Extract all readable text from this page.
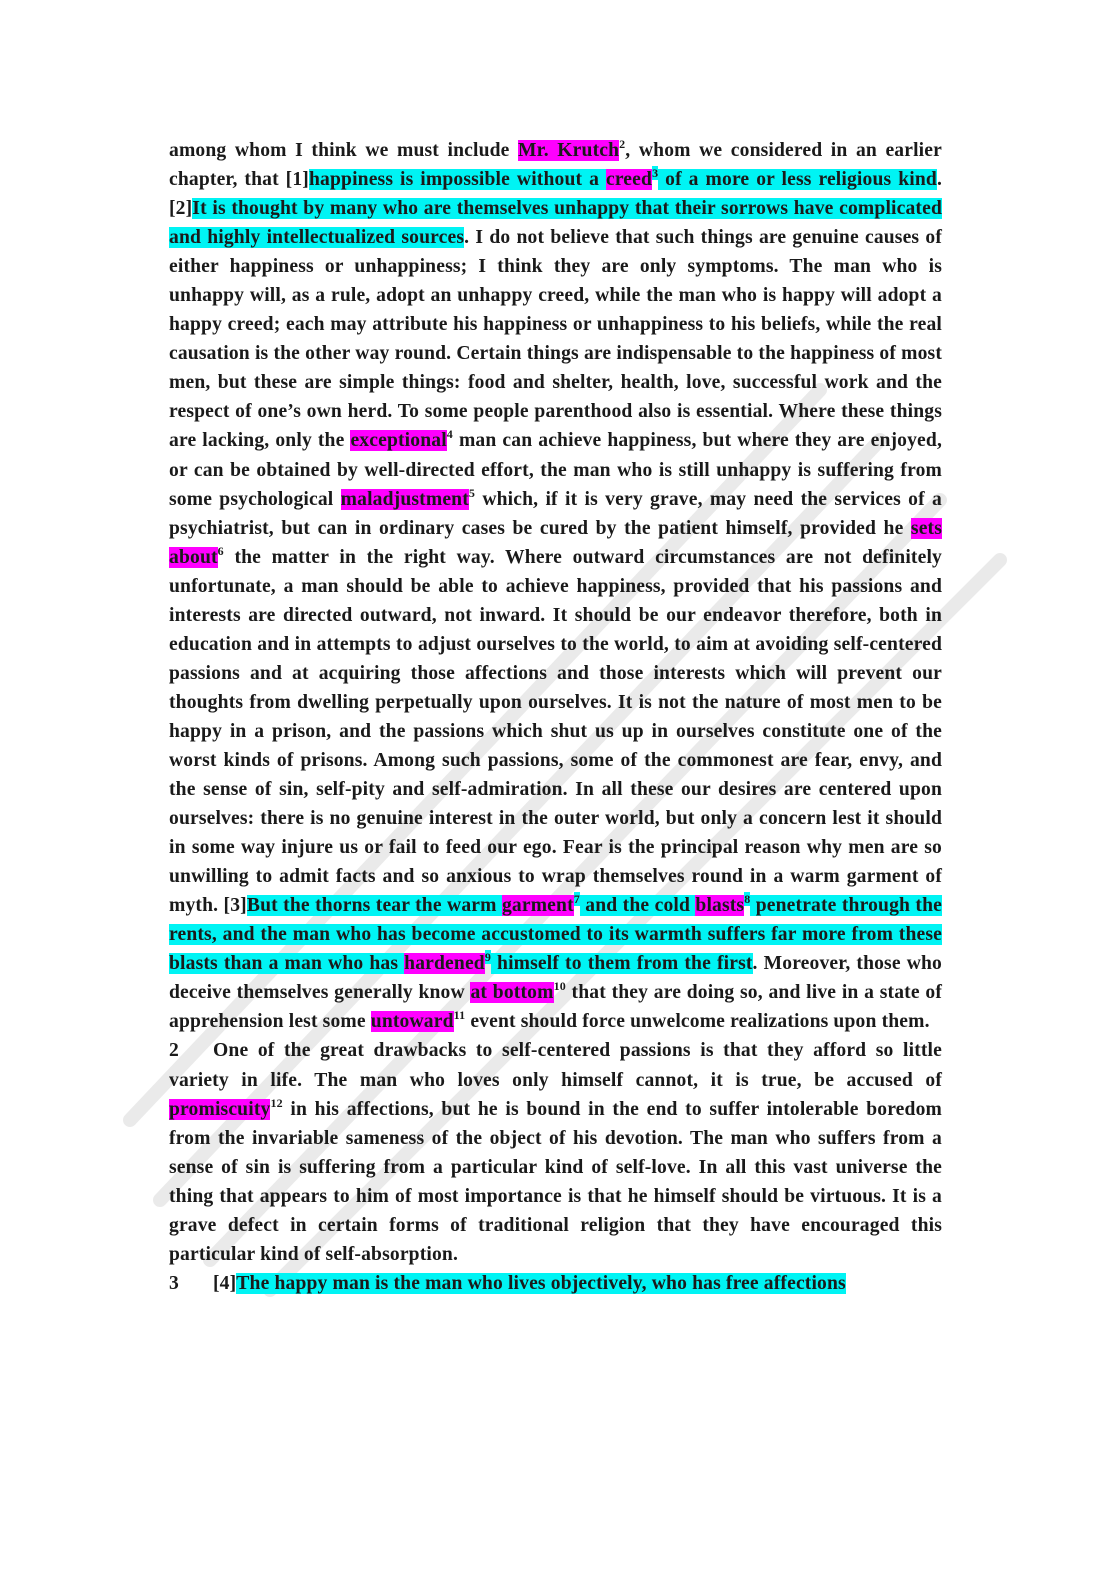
among whom I think we must include Mr. Krutch$^2$, whom we considered in an earlier chapter, that [1]happiness is impossible without a creed$^3$ of a more or less religious kind. [2]It is thought by many who are themselves unhappy that their sorrows have complicated and highly intellectualized sources. I do not believe that such things are genuine causes of either happiness or unhappiness; I think they are only symptoms. The man who is unhappy will, as a rule, adopt an unhappy creed, while the man who is happy will adopt a happy creed; each may attribute his happiness or unhappiness to his beliefs, while the real causation is the other way round. Certain things are indispensable to the happiness of most men, but these are simple things: food and shelter, health, love, successful work and the respect of one’s own herd. To some people parenthood also is essential. Where these things are lacking, only the exceptional$^4$ man can achieve happiness, but where they are enjoyed, or can be obtained by well-directed effort, the man who is still unhappy is suffering from some psychological maladjustment$^5$ which, if it is very grave, may need the services of a psychiatrist, but can in ordinary cases be cured by the patient himself, provided he sets about$^6$ the matter in the right way. Where outward circumstances are not definitely unfortunate, a man should be able to achieve happiness, provided that his passions and interests are directed outward, not inward. It should be our endeavor therefore, both in education and in attempts to adjust ourselves to the world, to aim at avoiding self-centered passions and at acquiring those affections and those interests which will prevent our thoughts from dwelling perpetually upon ourselves. It is not the nature of most men to be happy in a prison, and the passions which shut us up in ourselves constitute one of the worst kinds of prisons. Among such passions, some of the commonest are fear, envy, and the sense of sin, self-pity and self-admiration. In all these our desires are centered upon ourselves: there is no genuine interest in the outer world, but only a concern lest it should in some way injure us or fail to feed our ego. Fear is the principal reason why men are so unwilling to admit facts and so anxious to wrap themselves round in a warm garment of myth. [3]But the thorns tear the warm garment$^7$ and the cold blasts$^8$ penetrate through the rents, and the man who has become accustomed to its warmth suffers far more from these blasts than a man who has hardened$^9$ himself to them from the first. Moreover, those who deceive themselves generally know at bottom$^{10}$ that they are doing so, and live in a state of apprehension lest some untoward$^{11}$ event should force unwelcome realizations upon them.

2 One of the great drawbacks to self-centered passions is that they afford so little variety in life. The man who loves only himself cannot, it is true, be accused of promiscuity$^{12}$ in his affections, but he is bound in the end to suffer intolerable boredom from the invariable sameness of the object of his devotion. The man who suffers from a sense of sin is suffering from a particular kind of self-love. In all this vast universe the thing that appears to him of most importance is that he himself should be virtuous. It is a grave defect in certain forms of traditional religion that they have encouraged this particular kind of self-absorption.

3 [4]The happy man is the man who lives objectively, who has free affections
